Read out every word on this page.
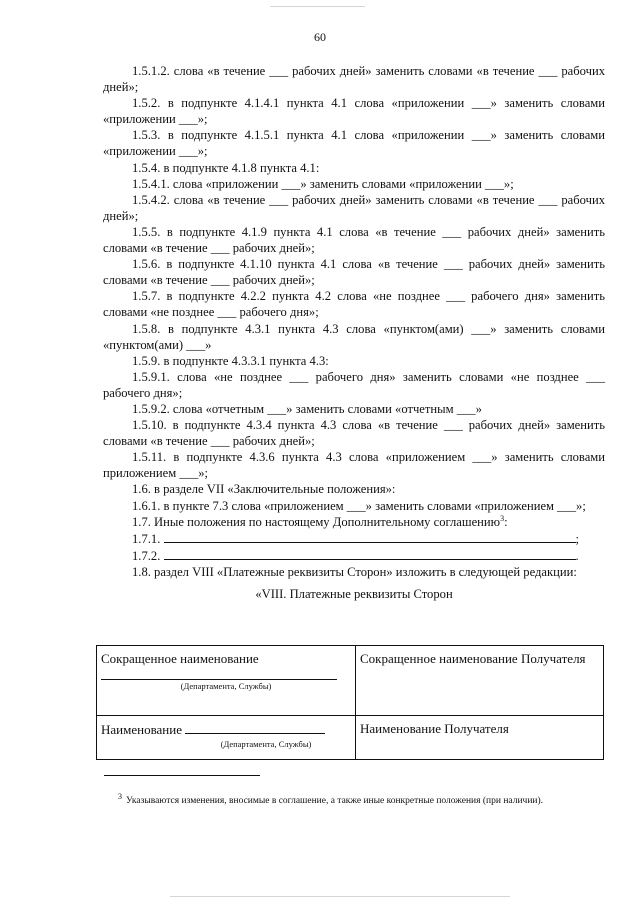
60

1.5.1.2. слова «в течение ___ рабочих дней» заменить словами «в течение ___ рабочих дней»;

1.5.2. в подпункте 4.1.4.1 пункта 4.1 слова «приложении ___» заменить словами «приложении ___»;

1.5.3. в подпункте 4.1.5.1 пункта 4.1 слова «приложении ___» заменить словами «приложении ___»;

1.5.4. в подпункте 4.1.8 пункта 4.1:

1.5.4.1. слова «приложении ___» заменить словами «приложении ___»;

1.5.4.2. слова «в течение ___ рабочих дней» заменить словами «в течение ___ рабочих дней»;

1.5.5. в подпункте 4.1.9 пункта 4.1 слова «в течение ___ рабочих дней» заменить словами «в течение ___ рабочих дней»;

1.5.6. в подпункте 4.1.10 пункта 4.1 слова «в течение ___ рабочих дней» заменить словами «в течение ___ рабочих дней»;

1.5.7. в подпункте 4.2.2 пункта 4.2 слова «не позднее ___ рабочего дня» заменить словами «не позднее ___ рабочего дня»;

1.5.8. в подпункте 4.3.1 пункта 4.3 слова «пунктом(ами) ___» заменить словами «пунктом(ами) ___»

1.5.9. в подпункте 4.3.3.1 пункта 4.3:

1.5.9.1. слова «не позднее ___ рабочего дня» заменить словами «не позднее ___ рабочего дня»;

1.5.9.2. слова «отчетным ___» заменить словами «отчетным ___»

1.5.10. в подпункте 4.3.4 пункта 4.3 слова «в течение ___ рабочих дней» заменить словами «в течение ___ рабочих дней»;

1.5.11. в подпункте 4.3.6 пункта 4.3 слова «приложением ___» заменить словами приложением ___»;

1.6. в разделе VII «Заключительные положения»:

1.6.1. в пункте 7.3 слова «приложением ___» заменить словами «приложением ___»;

1.7. Иные положения по настоящему Дополнительному соглашению$^3$:

1.7.1.	;

1.7.2.	.

1.8. раздел VIII «Платежные реквизиты Сторон» изложить в следующей редакции:

«VIII. Платежные реквизиты Сторон

Сокращенное наименование
(Департамента, Службы)	Сокращенное наименование Получателя

Наименование
(Департамента, Службы)	Наименование Получателя
$^3$ Указываются изменения, вносимые в соглашение, а также иные конкретные положения (при наличии).
